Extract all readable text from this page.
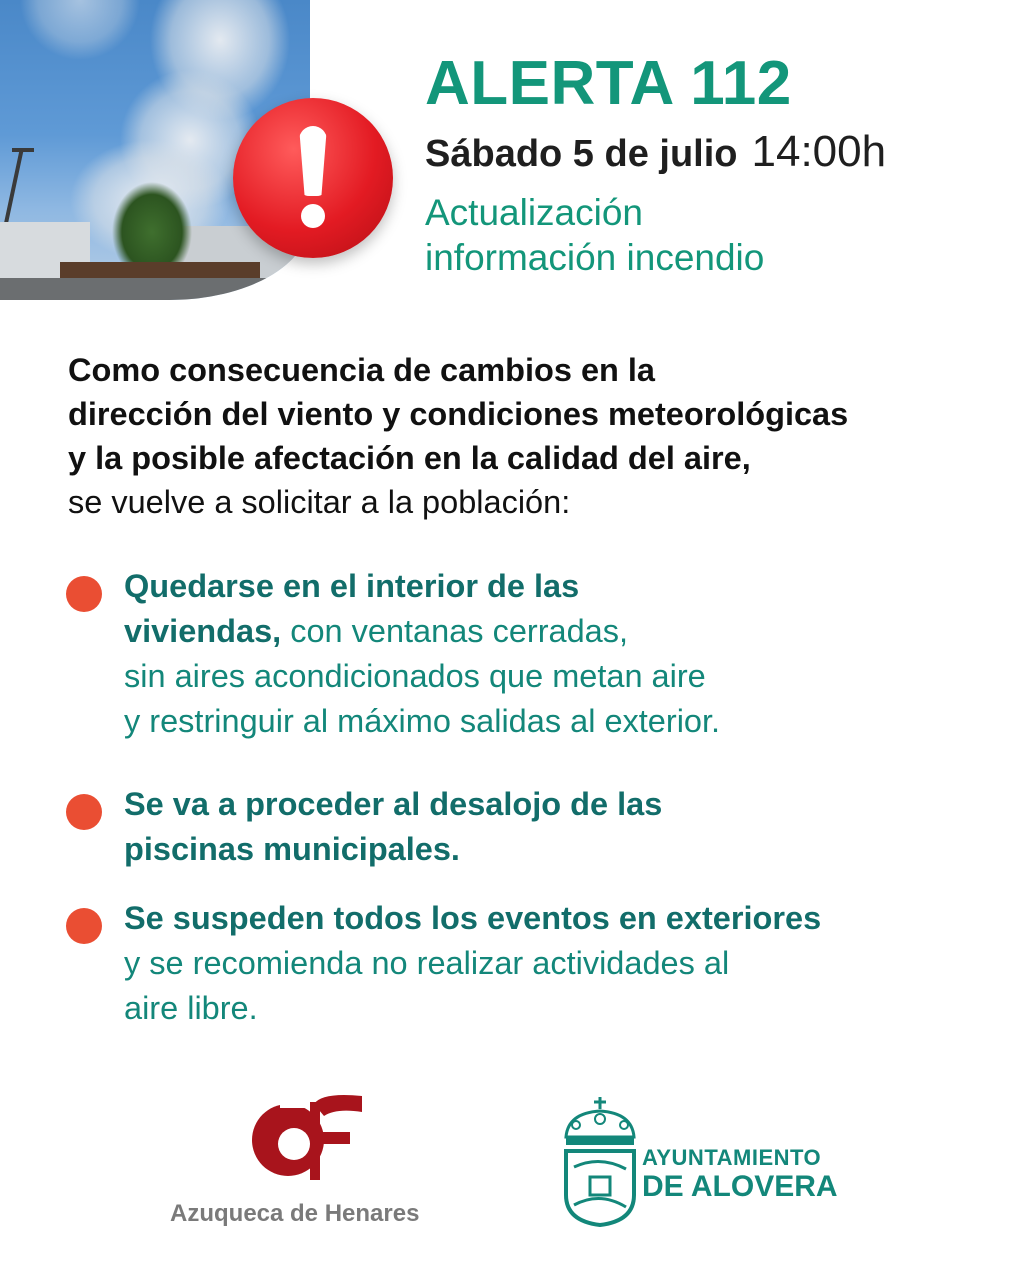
ALERTA 112
Sábado 5 de julio 14:00h
Actualización
información incendio
Como consecuencia de cambios en la
dirección del viento y condiciones meteorológicas
y la posible afectación en la calidad del aire,
se vuelve a solicitar a la población:
Quedarse en el interior de las
viviendas, con ventanas cerradas,
sin aires acondicionados que metan aire
y restringuir al máximo salidas al exterior.
Se va a proceder al desalojo de las
piscinas municipales.
Se suspeden todos los eventos en exteriores
y se recomienda no realizar actividades al
aire libre.
Azuqueca de Henares
AYUNTAMIENTO
DE ALOVERA
